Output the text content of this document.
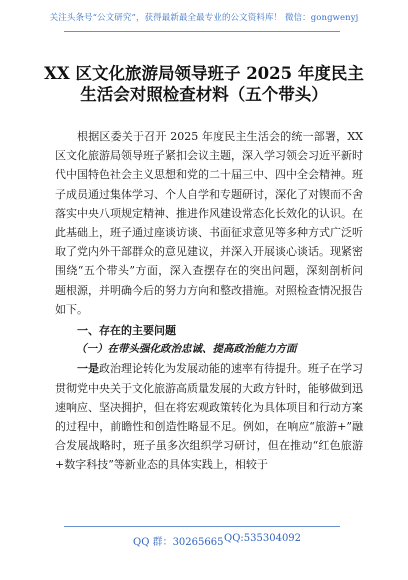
关注头条号“公文研究”，获得最新最全最专业的公文资料库！ 微信：gongwenyj
XX 区文化旅游局领导班子 2025 年度民主
生活会对照检查材料（五个带头）

根据区委关于召开 2025 年度民主生活会的统一部署，XX 区文化旅游局领导班子紧扣会议主题，深入学习领会习近平新时代中国特色社会主义思想和党的二十届三中、四中全会精神。班子成员通过集体学习、个人自学和专题研讨，深化了对锲而不舍落实中央八项规定精神、推进作风建设常态化长效化的认识。在此基础上，班子通过座谈访谈、书面征求意见等多种方式广泛听取了党内外干部群众的意见建议，并深入开展谈心谈话。现紧密围绕“五个带头”方面，深入查摆存在的突出问题，深刻剖析问题根源，并明确今后的努力方向和整改措施。对照检查情况报告如下。

一、存在的主要问题

（一）在带头强化政治忠诚、提高政治能力方面

一是政治理论转化为发展动能的速率有待提升。班子在学习贯彻党中央关于文化旅游高质量发展的大政方针时，能够做到迅速响应、坚决拥护，但在将宏观政策转化为具体项目和行动方案的过程中，前瞻性和创造性略显不足。例如，在响应“旅游+”融合发展战略时，班子虽多次组织学习研讨，但在推动“红色旅游+数字科技”等新业态的具体实践上，相较于

QQ 群：30265665 QQ:535304092
